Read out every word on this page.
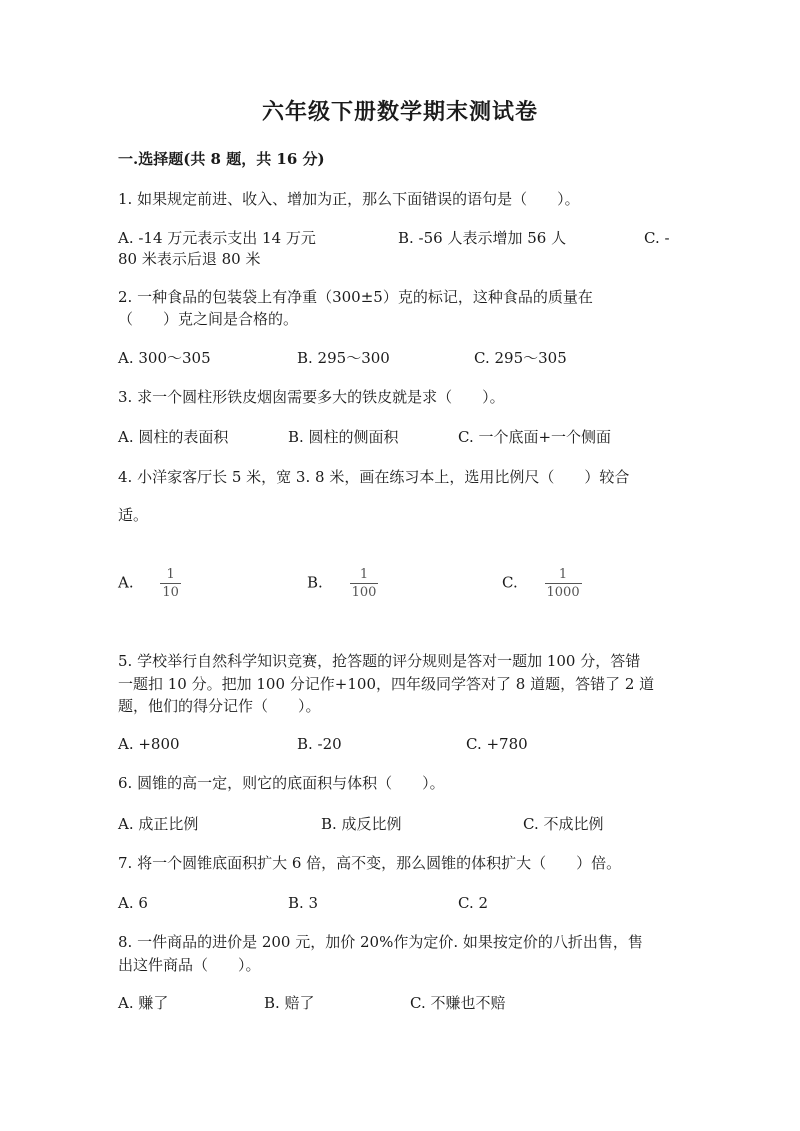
六年级下册数学期末测试卷
一.选择题(共 8 题，共 16 分)
1. 如果规定前进、收入、增加为正，那么下面错误的语句是（　　）。
A. -14 万元表示支出 14 万元	B. -56 人表示增加 56 人	C. -
80 米表示后退 80 米
2. 一种食品的包装袋上有净重（300±5）克的标记，这种食品的质量在
（　　）克之间是合格的。
A. 300～305	B. 295～300	C. 295～305
3. 求一个圆柱形铁皮烟囱需要多大的铁皮就是求（　　）。
A. 圆柱的表面积	B. 圆柱的侧面积	C. 一个底面+一个侧面
4. 小洋家客厅长 5 米，宽 3. 8 米，画在练习本上，选用比例尺（　　）较合
适。
A. $\frac{1}{10}$	B. $\frac{1}{100}$	C. $\frac{1}{1000}$
5. 学校举行自然科学知识竞赛，抢答题的评分规则是答对一题加 100 分，答错
一题扣 10 分。把加 100 分记作+100，四年级同学答对了 8 道题，答错了 2 道
题，他们的得分记作（　　）。
A. +800	B. -20	C. +780
6. 圆锥的高一定，则它的底面积与体积（　　）。
A. 成正比例	B. 成反比例	C. 不成比例
7. 将一个圆锥底面积扩大 6 倍，高不变，那么圆锥的体积扩大（　　）倍。
A. 6	B. 3	C. 2
8. 一件商品的进价是 200 元，加价 20%作为定价. 如果按定价的八折出售，售
出这件商品（　　）。
A. 赚了	B. 赔了	C. 不赚也不赔
